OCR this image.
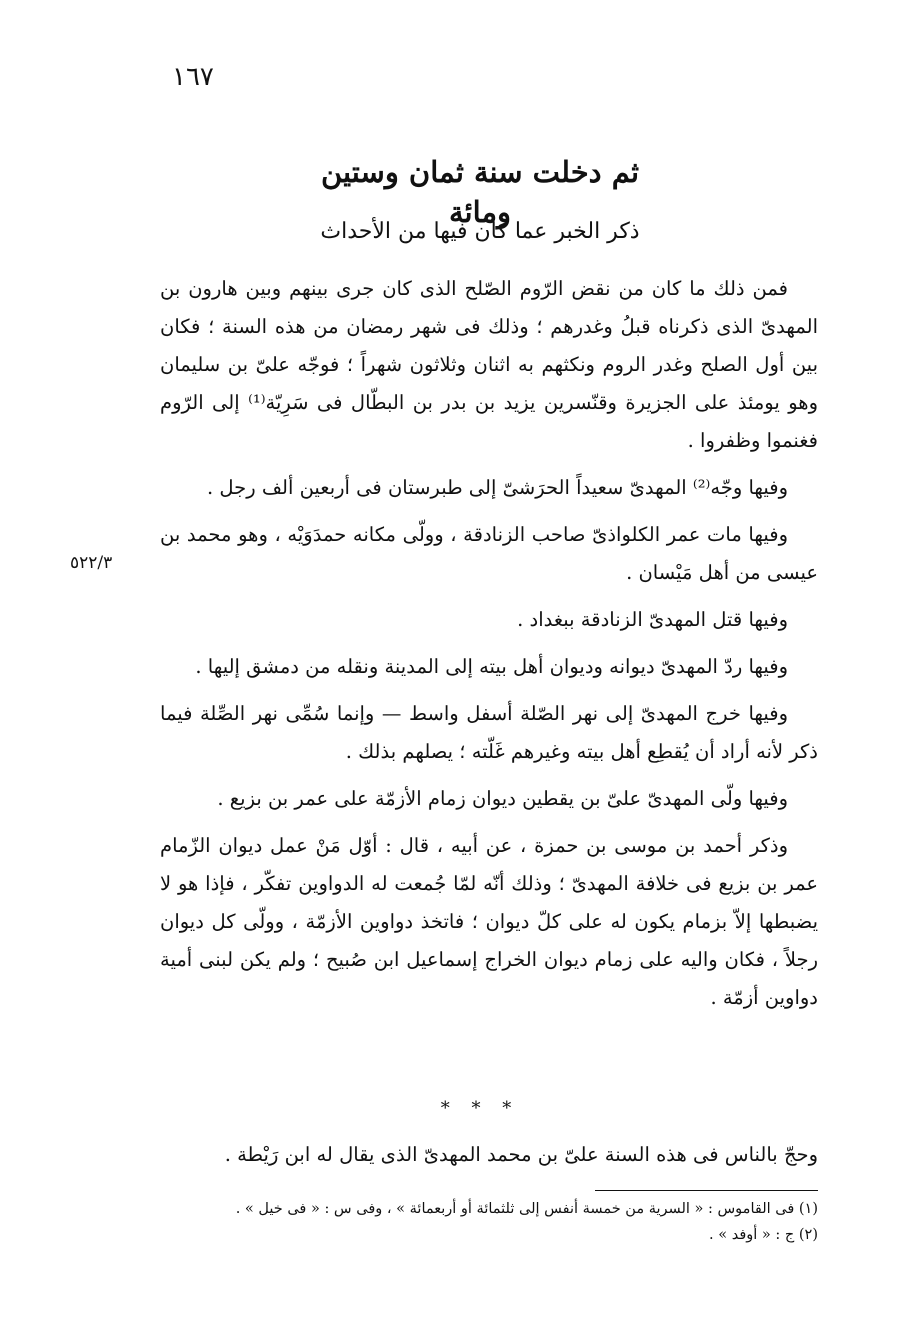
١٦٧
ثم دخلت سنة ثمان وستين ومائة
ذكر الخبر عما كان فيها من الأحداث
٥٢٢/٣

فمن ذلك ما كان من نقض الرّوم الصّلح الذى كان جرى بينهم وبين هارون بن المهدىّ الذى ذكرناه قبلُ وغدرهم ؛ وذلك فى شهر رمضان من هذه السنة ؛ فكان بين أول الصلح وغدر الروم ونكثهم به اثنان وثلاثون شهراً ؛ فوجّه علىّ بن سليمان وهو يومئذ على الجزيرة وقنّسرين يزيد بن بدر بن البطّال فى سَرِيّة⁽¹⁾ إلى الرّوم فغنموا وظفروا .

وفيها وجّه⁽²⁾ المهدىّ سعيداً الحرَشىّ إلى طبرستان فى أربعين ألف رجل .

وفيها مات عمر الكلواذىّ صاحب الزنادقة ، وولّى مكانه حمدَوَيْه ، وهو محمد بن عيسى من أهل مَيْسان .

وفيها قتل المهدىّ الزنادقة ببغداد .

وفيها ردّ المهدىّ ديوانه وديوان أهل بيته إلى المدينة ونقله من دمشق إليها .

وفيها خرج المهدىّ إلى نهر الصّلة أسفل واسط — وإنما سُمِّى نهر الصِّلة فيما ذكر لأنه أراد أن يُقطِع أهل بيته وغيرهم غَلّته ؛ يصلهم بذلك .

وفيها ولّى المهدىّ علىّ بن يقطين ديوان زمام الأزمّة على عمر بن بزيع .

وذكر أحمد بن موسى بن حمزة ، عن أبيه ، قال : أوّل مَنْ عمل ديوان الزّمام عمر بن بزيع فى خلافة المهدىّ ؛ وذلك أنّه لمّا جُمعت له الدواوين تفكّر ، فإذا هو لا يضبطها إلاّ بزمام يكون له على كلّ ديوان ؛ فاتخذ دواوين الأزمّة ، وولّى كل ديوان رجلاً ، فكان واليه على زمام ديوان الخراج إسماعيل ابن صُبيح ؛ ولم يكن لبنى أمية دواوين أزمّة .

* * *
وحجّ بالناس فى هذه السنة علىّ بن محمد المهدىّ الذى يقال له ابن رَيْطة .
(١) فى القاموس : « السرية من خمسة أنفس إلى ثلثمائة أو أربعمائة » ، وفى س : « فى خيل » .
(٢) ج : « أوفد » .
